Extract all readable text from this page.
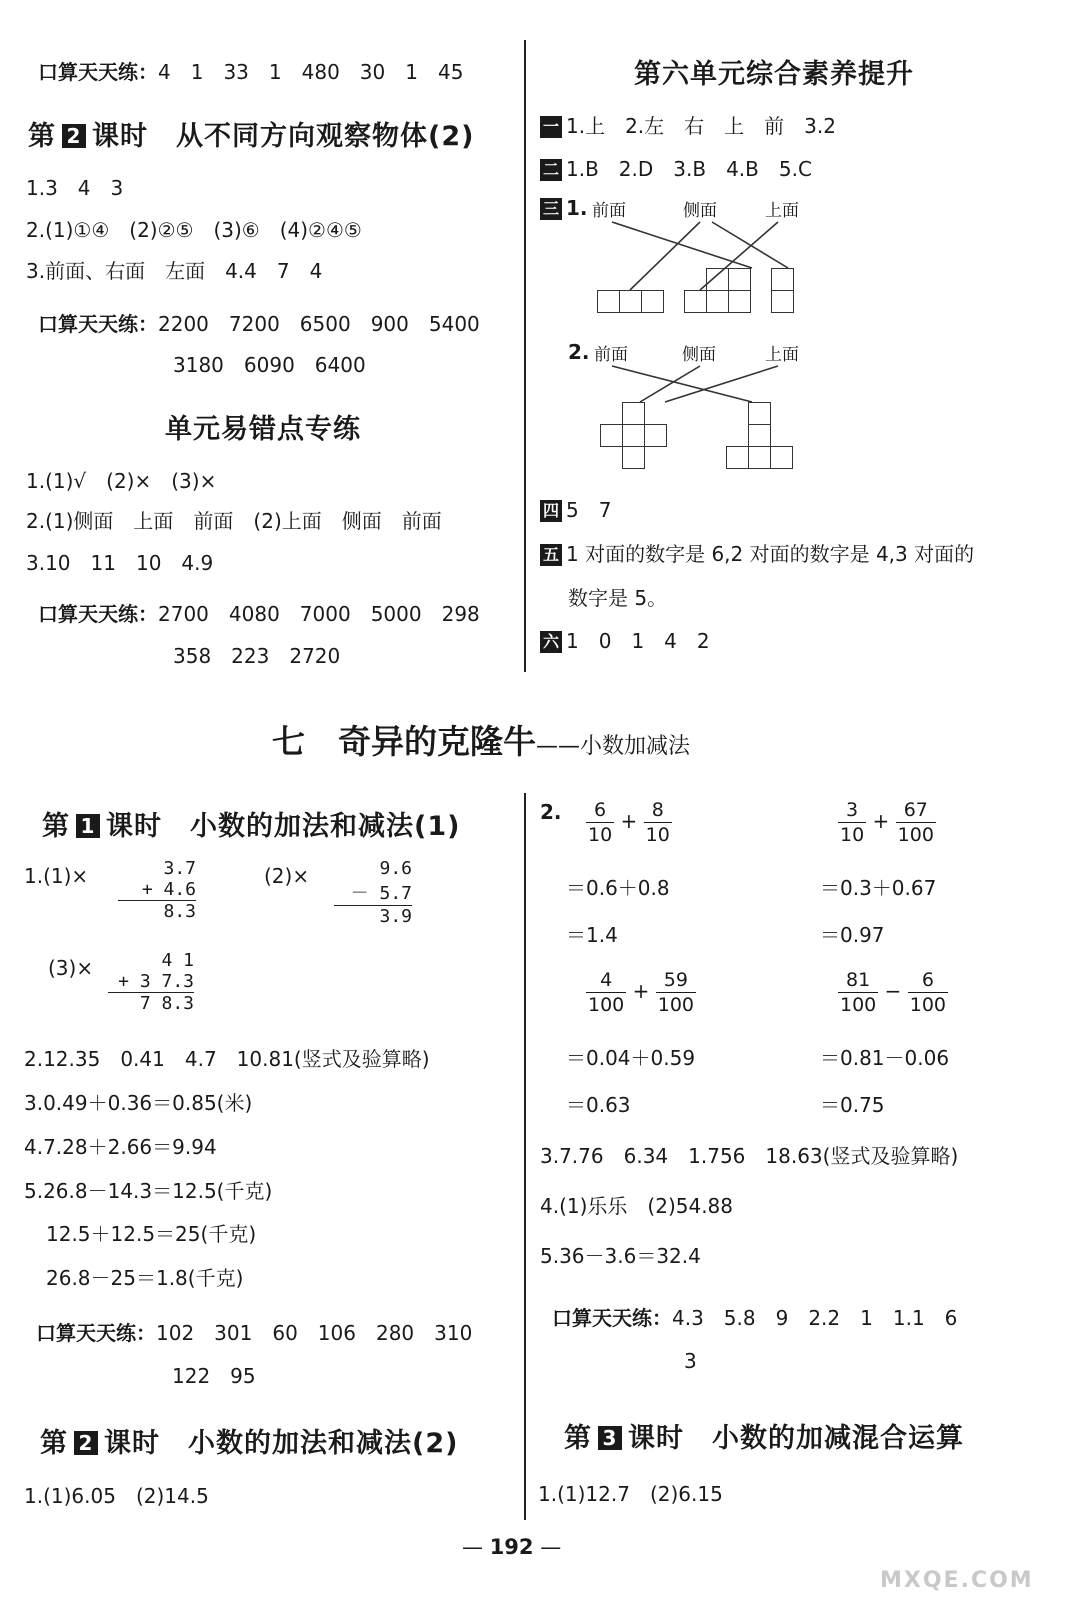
口算天天练：4　1　33　1　480　30　1　45
第 2 课时　从不同方向观察物体(2)
1.3　4　3
2.(1)①④　(2)②⑤　(3)⑥　(4)②④⑤
3.前面、右面　左面　4.4　7　4
口算天天练：2200　7200　6500　900　5400
3180　6090　6400
单元易错点专练
1.(1)√　(2)×　(3)×
2.(1)侧面　上面　前面　(2)上面　侧面　前面
3.10　11　10　4.9
口算天天练：2700　4080　7000　5000　298
358　223　2720
第六单元综合素养提升
一 1.上　2.左　右　上　前　3.2
二 1.B　2.D　3.B　4.B　5.C
三 1. 前面	侧面	上面

2. 前面	侧面	上面

四 5　7
五 1 对面的数字是 6,2 对面的数字是 4,3 对面的
数字是 5。
六 1　0　1　4　2
七　奇异的克隆牛——小数加减法
第 1 课时　小数的加法和减法(1)
1.(1)×	3.7
+ 4.6
8.3
(2)×	9.6
－ 5.7
3.9
(3)×	4 1
+ 3 7.3
7 8.3
2.12.35　0.41　4.7　10.81(竖式及验算略)
3.0.49＋0.36＝0.85(米)
4.7.28＋2.66＝9.94
5.26.8－14.3＝12.5(千克)
12.5＋12.5＝25(千克)
26.8－25＝1.8(千克)
口算天天练：102　301　60　106　280　310
122　95
第 2 课时　小数的加法和减法(2)
1.(1)6.05　(2)14.5
2. $\frac{6}{10} + \frac{8}{10}$	$\frac{3}{10} + \frac{67}{100}$
＝0.6＋0.8	＝0.3＋0.67
＝1.4	＝0.97
$\frac{4}{100} + \frac{59}{100}$	$\frac{81}{100} - \frac{6}{100}$
＝0.04＋0.59	＝0.81－0.06
＝0.63	＝0.75
3.7.76　6.34　1.756　18.63(竖式及验算略)
4.(1)乐乐　(2)54.88
5.36－3.6＝32.4
口算天天练：4.3　5.8　9　2.2　1　1.1　6
3
第 3 课时　小数的加减混合运算
1.(1)12.7　(2)6.15
— 192 —
MXQE.COM
